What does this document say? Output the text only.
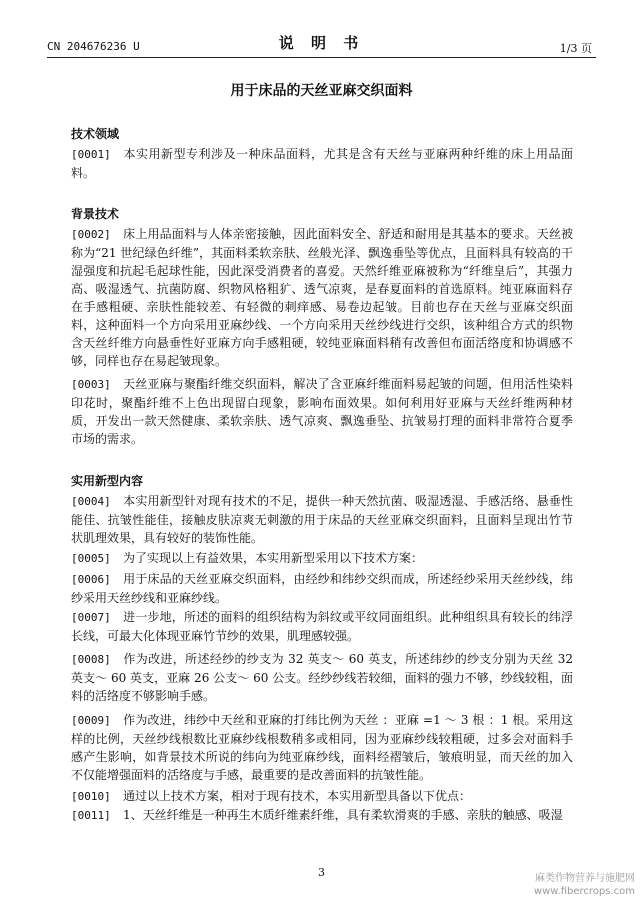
CN 204676236 U	说 明 书	1/3 页
用于床品的天丝亚麻交织面料
技术领域

[0001] 本实用新型专利涉及一种床品面料，尤其是含有天丝与亚麻两种纤维的床上用品面料。

背景技术

[0002] 床上用品面料与人体亲密接触，因此面料安全、舒适和耐用是其基本的要求。天丝被称为“21 世纪绿色纤维”，其面料柔软亲肤、丝般光泽、飘逸垂坠等优点，且面料具有较高的干湿强度和抗起毛起球性能，因此深受消费者的喜爱。天然纤维亚麻被称为“纤维皇后”，其强力高、吸湿透气、抗菌防腐、织物风格粗犷、透气凉爽，是春夏面料的首选原料。纯亚麻面料存在手感粗硬、亲肤性能较差、有轻微的刺痒感、易卷边起皱。目前也存在天丝与亚麻交织面料，这种面料一个方向采用亚麻纱线、一个方向采用天丝纱线进行交织，该种组合方式的织物含天丝纤维方向悬垂性好亚麻方向手感粗硬，较纯亚麻面料稍有改善但布面活络度和协调感不够，同样也存在易起皱现象。

[0003] 天丝亚麻与聚酯纤维交织面料，解决了含亚麻纤维面料易起皱的问题，但用活性染料印花时，聚酯纤维不上色出现留白现象，影响布面效果。如何利用好亚麻与天丝纤维两种材质，开发出一款天然健康、柔软亲肤、透气凉爽、飘逸垂坠、抗皱易打理的面料非常符合夏季市场的需求。

实用新型内容

[0004] 本实用新型针对现有技术的不足，提供一种天然抗菌、吸湿透湿、手感活络、悬垂性能佳、抗皱性能佳，接触皮肤凉爽无刺激的用于床品的天丝亚麻交织面料，且面料呈现出竹节状肌理效果，具有较好的装饰性能。

[0005] 为了实现以上有益效果，本实用新型采用以下技术方案：

[0006] 用于床品的天丝亚麻交织面料，由经纱和纬纱交织而成，所述经纱采用天丝纱线，纬纱采用天丝纱线和亚麻纱线。

[0007] 进一步地，所述的面料的组织结构为斜纹或平纹同面组织。此种组织具有较长的纬浮长线，可最大化体现亚麻竹节纱的效果，肌理感较强。

[0008] 作为改进，所述经纱的纱支为 32 英支～ 60 英支，所述纬纱的纱支分别为天丝 32 英支～ 60 英支，亚麻 26 公支～ 60 公支。经纱纱线若较细，面料的强力不够，纱线较粗，面料的活络度不够影响手感。

[0009] 作为改进，纬纱中天丝和亚麻的打纬比例为天丝 ：亚麻 =1 ～ 3 根 ：1 根。采用这样的比例，天丝纱线根数比亚麻纱线根数稍多或相同，因为亚麻纱线较粗硬，过多会对面料手感产生影响，如背景技术所说的纬向为纯亚麻纱线，面料经褶皱后，皱痕明显，而天丝的加入不仅能增强面料的活络度与手感，最重要的是改善面料的抗皱性能。

[0010] 通过以上技术方案，相对于现有技术，本实用新型具备以下优点：

[0011] 1、天丝纤维是一种再生木质纤维素纤维，具有柔软滑爽的手感、亲肤的触感、吸湿

3	麻类作物营养与施肥网
www.fibercrops.com
